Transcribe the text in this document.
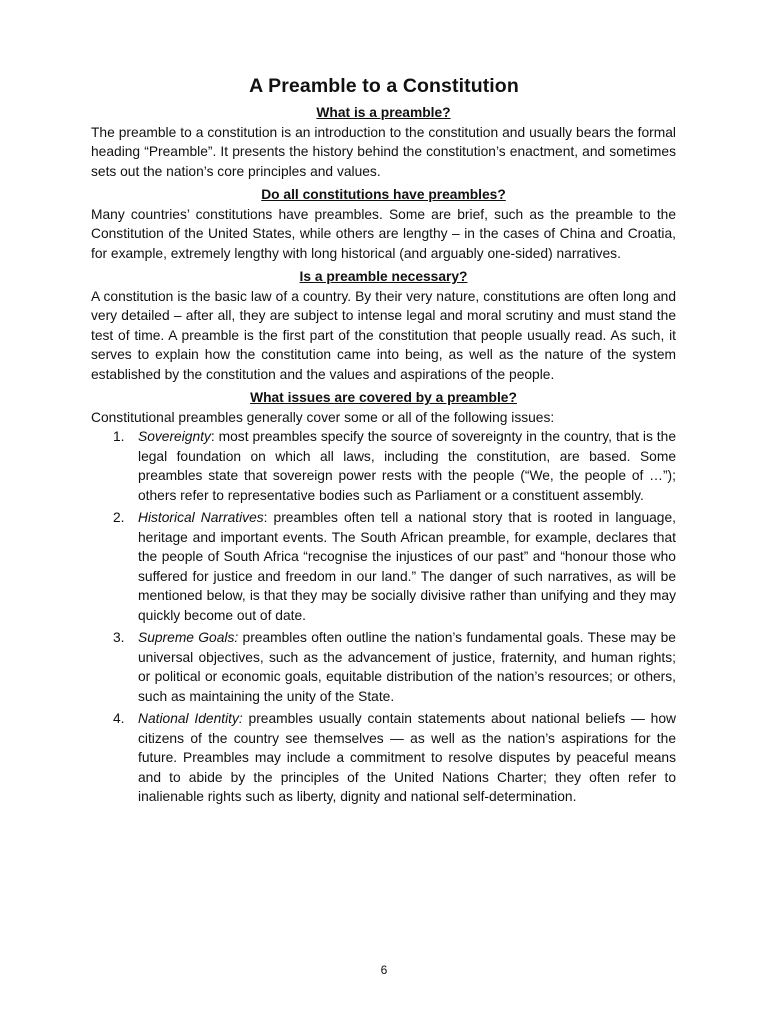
A Preamble to a Constitution
What is a preamble?

The preamble to a constitution is an introduction to the constitution and usually bears the formal heading “Preamble”. It presents the history behind the constitution’s enactment, and sometimes sets out the nation’s core principles and values.

Do all constitutions have preambles?

Many countries’ constitutions have preambles. Some are brief, such as the preamble to the Constitution of the United States, while others are lengthy – in the cases of China and Croatia, for example, extremely lengthy with long historical (and arguably one-sided) narratives.

Is a preamble necessary?

A constitution is the basic law of a country. By their very nature, constitutions are often long and very detailed – after all, they are subject to intense legal and moral scrutiny and must stand the test of time. A preamble is the first part of the constitution that people usually read. As such, it serves to explain how the constitution came into being, as well as the nature of the system established by the constitution and the values and aspirations of the people.

What issues are covered by a preamble?

Constitutional preambles generally cover some or all of the following issues:

1. Sovereignty: most preambles specify the source of sovereignty in the country, that is the legal foundation on which all laws, including the constitution, are based. Some preambles state that sovereign power rests with the people (“We, the people of …”); others refer to representative bodies such as Parliament or a constituent assembly.

2. Historical Narratives: preambles often tell a national story that is rooted in language, heritage and important events. The South African preamble, for example, declares that the people of South Africa “recognise the injustices of our past” and “honour those who suffered for justice and freedom in our land.” The danger of such narratives, as will be mentioned below, is that they may be socially divisive rather than unifying and they may quickly become out of date.

3. Supreme Goals: preambles often outline the nation’s fundamental goals. These may be universal objectives, such as the advancement of justice, fraternity, and human rights; or political or economic goals, equitable distribution of the nation’s resources; or others, such as maintaining the unity of the State.

4. National Identity: preambles usually contain statements about national beliefs — how citizens of the country see themselves — as well as the nation’s aspirations for the future. Preambles may include a commitment to resolve disputes by peaceful means and to abide by the principles of the United Nations Charter; they often refer to inalienable rights such as liberty, dignity and national self-determination.

6
